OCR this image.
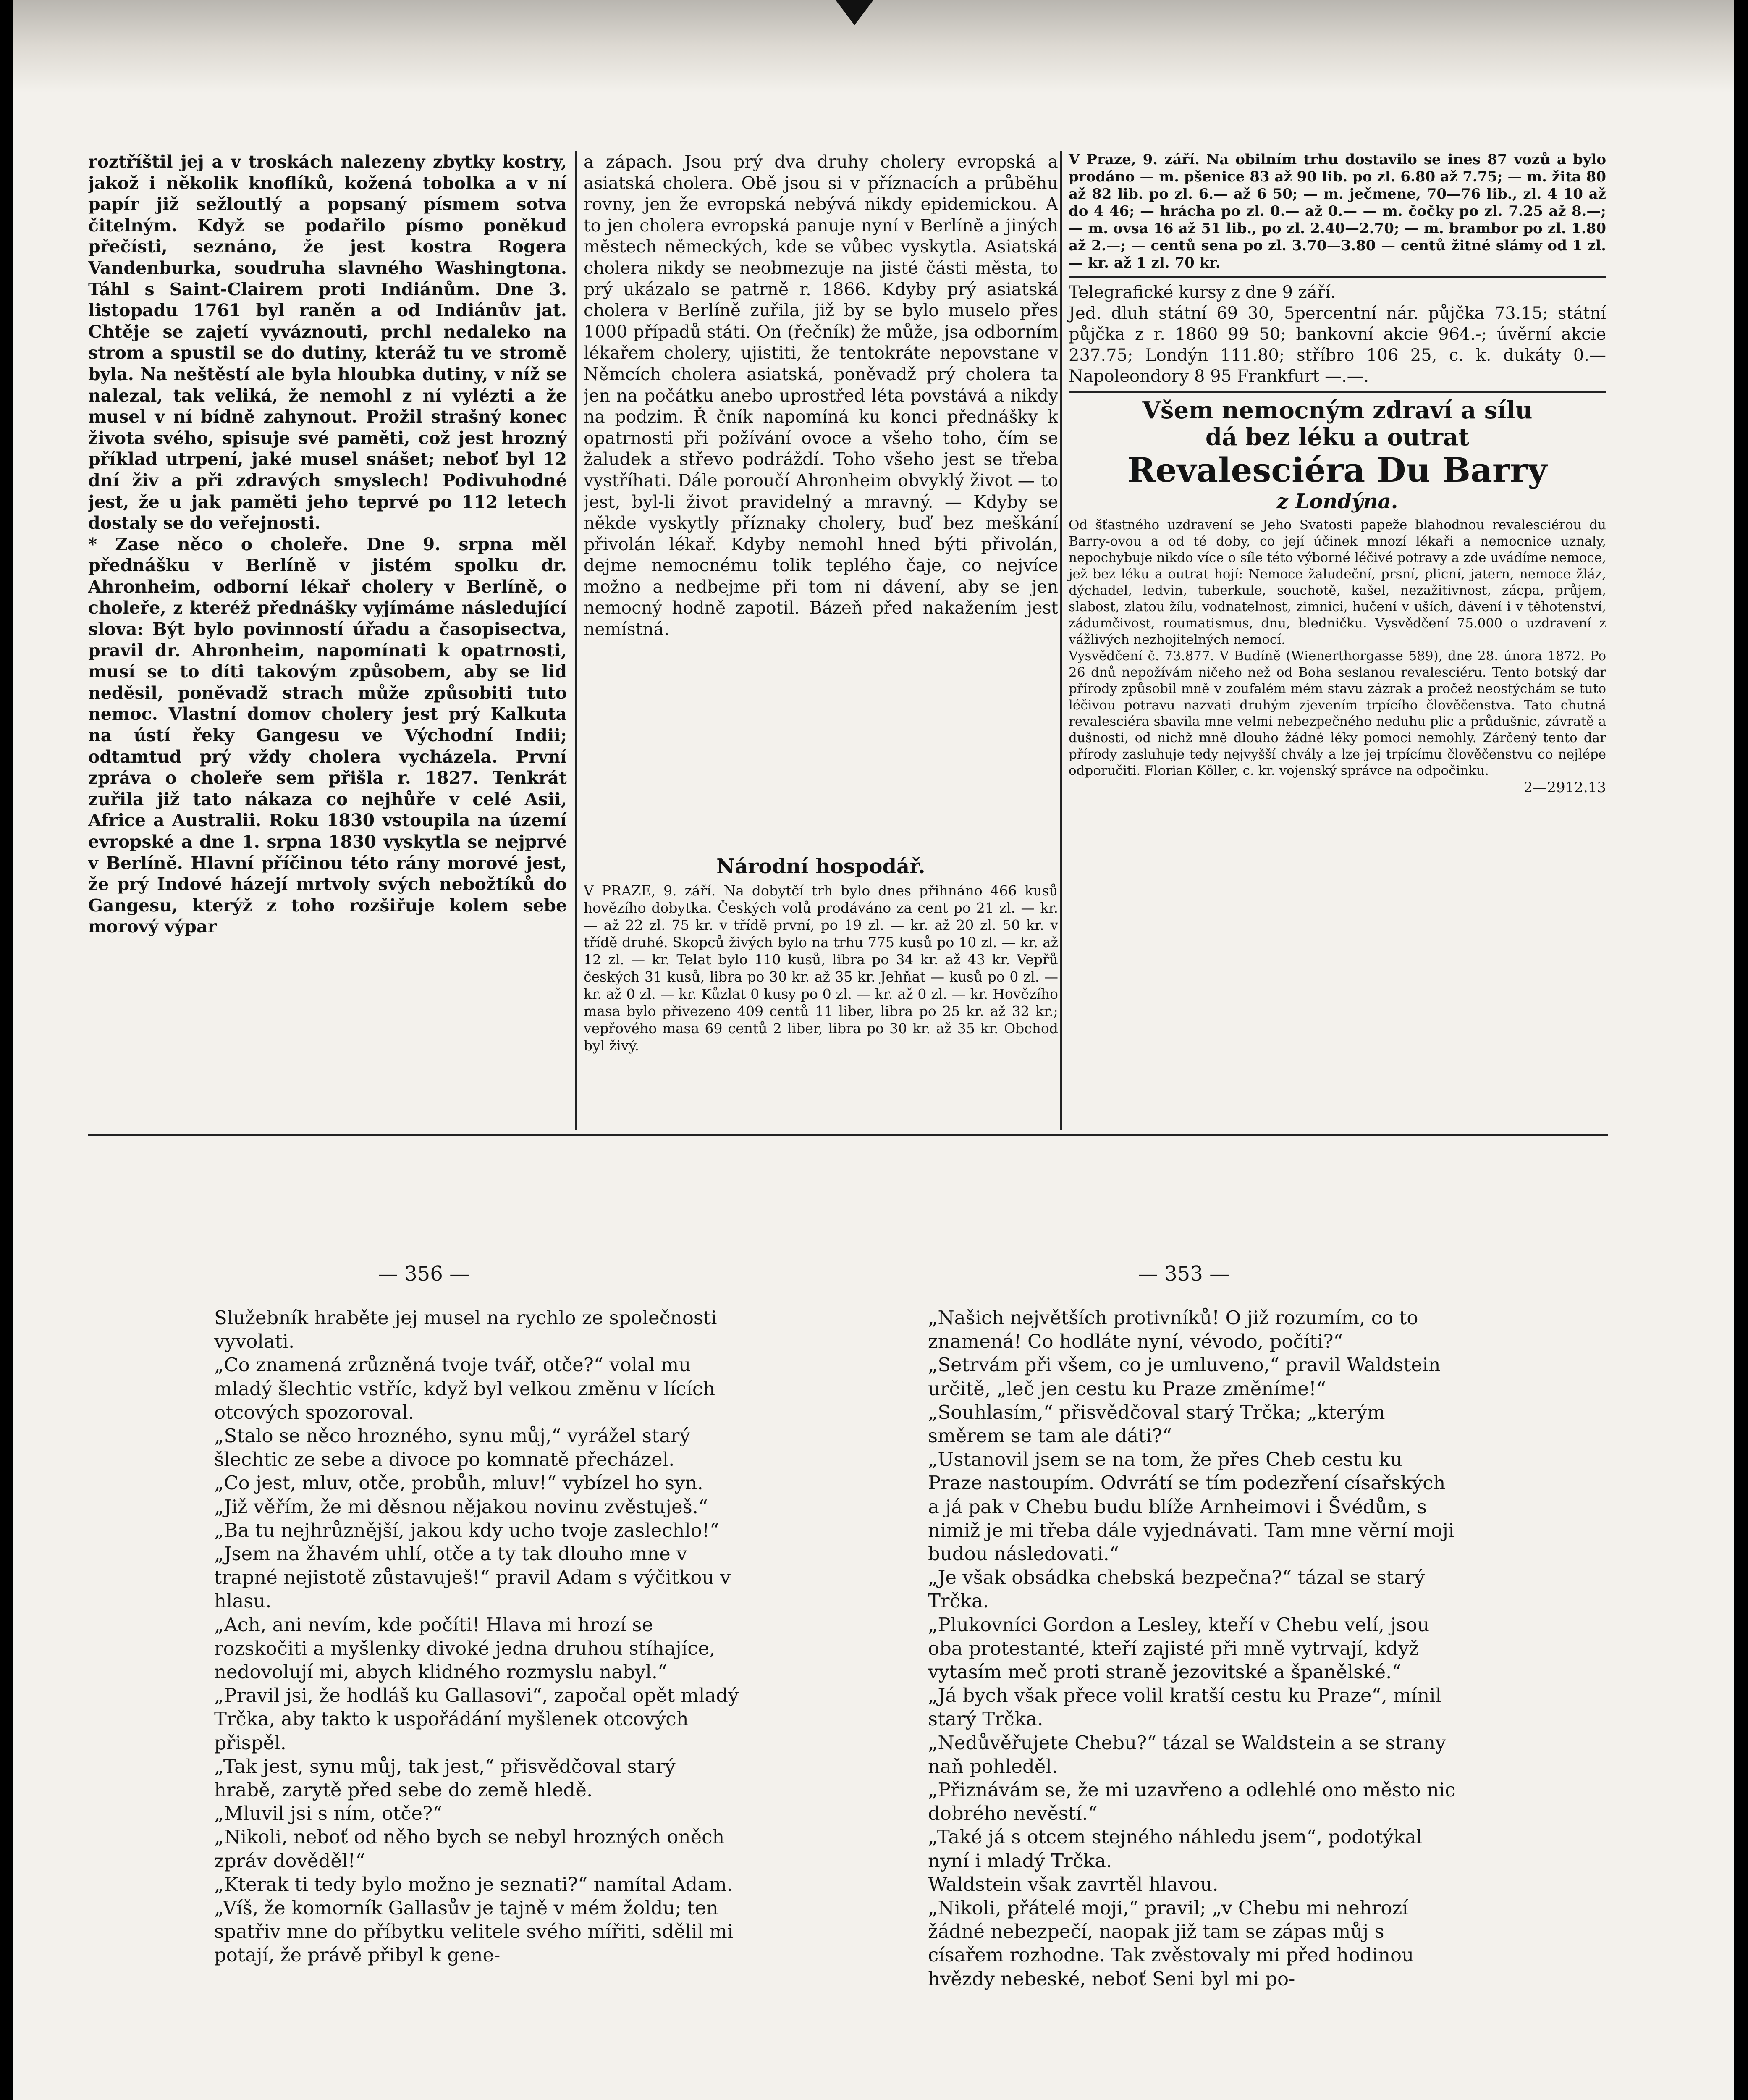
roztříštil jej a v troskách nalezeny zbytky kostry, jakož i několik knoflíků, kožená tobolka a v ní papír již sežloutlý a popsaný písmem sotva čitelným. Když se podařilo písmo poněkud přečísti, seznáno, že jest kostra Rogera Vandenburka, soudruha slavného Washingtona. Táhl s Saint-Clairem proti Indiánům. Dne 3. listopadu 1761 byl raněn a od Indiánův jat. Chtěje se zajetí vyváznouti, prchl nedaleko na strom a spustil se do dutiny, kteráž tu ve stromě byla. Na neštěstí ale byla hloubka dutiny, v níž se nalezal, tak veliká, že nemohl z ní vylézti a že musel v ní bídně zahynout. Prožil strašný konec života svého, spisuje své paměti, což jest hrozný příklad utrpení, jaké musel snášet; neboť byl 12 dní živ a při zdravých smyslech! Podivuhodné jest, že u jak paměti jeho teprvé po 112 letech dostaly se do veřejnosti.
* Zase něco o choleře. Dne 9. srpna měl přednášku v Berlíně v jistém spolku dr. Ahronheim, odborní lékař cholery v Berlíně, o choleře, z kteréž přednášky vyjímáme následující slova: Být bylo povinností úřadu a časopisectva, pravil dr. Ahronheim, napomínati k opatrnosti, musí se to díti takovým způsobem, aby se lid neděsil, poněvadž strach může způsobiti tuto nemoc. Vlastní domov cholery jest prý Kalkuta na ústí řeky Gangesu ve Východní Indii; odtamtud prý vždy cholera vycházela. První zpráva o choleře sem přišla r. 1827. Tenkrát zuřila již tato nákaza co nejhůře v celé Asii, Africe a Australii. Roku 1830 vstoupila na území evropské a dne 1. srpna 1830 vyskytla se nejprvé v Berlíně. Hlavní příčinou této rány morové jest, že prý Indové házejí mrtvoly svých nebožtíků do Gangesu, kterýž z toho rozšiřuje kolem sebe morový výpar
a zápach. Jsou prý dva druhy cholery evropská a asiatská cholera. Obě jsou si v příznacích a průběhu rovny, jen že evropská nebývá nikdy epidemickou. A to jen cholera evropská panuje nyní v Berlíně a jiných městech německých, kde se vůbec vyskytla. Asiatská cholera nikdy se neobmezuje na jisté části města, to prý ukázalo se patrně r. 1866. Kdyby prý asiatská cholera v Berlíně zuřila, již by se bylo muselo přes 1000 případů státi. On (řečník) že může, jsa odborním lékařem cholery, ujistiti, že tentokráte nepovstane v Němcích cholera asiatská, poněvadž prý cholera ta jen na počátku anebo uprostřed léta povstává a nikdy na podzim. Ř čník napomíná ku konci přednášky k opatrnosti při požívání ovoce a všeho toho, čím se žaludek a střevo podráždí. Toho všeho jest se třeba vystříhati. Dále poroučí Ahronheim obvyklý život — to jest, byl-li život pravidelný a mravný. — Kdyby se někde vyskytly příznaky cholery, buď bez meškání přivolán lékař. Kdyby nemohl hned býti přivolán, dejme nemocnému tolik teplého čaje, co nejvíce možno a nedbejme při tom ni dávení, aby se jen nemocný hodně zapotil. Bázeň před nakažením jest nemístná.
Národní hospodář.
V PRAZE, 9. září. Na dobytčí trh bylo dnes přihnáno 466 kusů hovězího dobytka. Českých volů prodáváno za cent po 21 zl. — kr. — až 22 zl. 75 kr. v třídě první, po 19 zl. — kr. až 20 zl. 50 kr. v třídě druhé. Skopců živých bylo na trhu 775 kusů po 10 zl. — kr. až 12 zl. — kr. Telat bylo 110 kusů, libra po 34 kr. až 43 kr. Vepřů českých 31 kusů, libra po 30 kr. až 35 kr. Jehňat — kusů po 0 zl. — kr. až 0 zl. — kr. Kůzlat 0 kusy po 0 zl. — kr. až 0 zl. — kr. Hovězího masa bylo přivezeno 409 centů 11 liber, libra po 25 kr. až 32 kr.; vepřového masa 69 centů 2 liber, libra po 30 kr. až 35 kr. Obchod byl živý.

V Praze, 9. září. Na obilním trhu dostavilo se ines 87 vozů a bylo prodáno — m. pšenice 83 až 90 lib. po zl. 6.80 až 7.75; — m. žita 80 až 82 lib. po zl. 6.— až 6 50; — m. ječmene, 70—76 lib., zl. 4 10 až do 4 46; — hrácha po zl. 0.— až 0.— — m. čočky po zl. 7.25 až 8.—; — m. ovsa 16 až 51 lib., po zl. 2.40—2.70; — m. brambor po zl. 1.80 až 2.—; — centů sena po zl. 3.70—3.80 — centů žitné slámy od 1 zl. — kr. až 1 zl. 70 kr.

Telegrafické kursy z dne 9 září.
Jed. dluh státní 69 30, 5percentní nár. půjčka 73.15; státní půjčka z r. 1860 99 50; bankovní akcie 964.-; úvěrní akcie 237.75; Londýn 111.80; stříbro 106 25, c. k. dukáty 0.— Napoleondory 8 95 Frankfurt —.—.

Všem nemocným zdraví a sílu
dá bez léku a outrat
Revalesciéra Du Barry
z Londýna.

Od šťastného uzdravení se Jeho Svatosti papeže blahodnou revalesciérou du Barry-ovou a od té doby, co její účinek mnozí lékaři a nemocnice uznaly, nepochybuje nikdo více o síle této výborné léčivé potravy a zde uvádíme nemoce, jež bez léku a outrat hojí: Nemoce žaludeční, prsní, plicní, jatern, nemoce žláz, dýchadel, ledvin, tuberkule, souchotě, kašel, nezažitivnost, zácpa, průjem, slabost, zlatou žílu, vodnatelnost, zimnici, hučení v uších, dávení i v těhotenství, zádumčivost, roumatismus, dnu, bledničku. Vysvědčení 75.000 o uzdravení z vážlivých nezhojitelných nemocí.
Vysvědčení č. 73.877. V Budíně (Wienerthorgasse 589), dne 28. února 1872. Po 26 dnů nepožívám ničeho než od Boha seslanou revalesciéru. Tento botský dar přírody způsobil mně v zoufalém mém stavu zázrak a pročež neostýchám se tuto léčivou potravu nazvati druhým zjevením trpícího člověčenstva. Tato chutná revalesciéra sbavila mne velmi nebezpečného neduhu plic a průdušnic, závratě a dušnosti, od nichž mně dlouho žádné léky pomoci nemohly. Zárčený tento dar přírody zasluhuje tedy nejvyšší chvály a lze jej trpícímu člověčenstvu co nejlépe odporučiti. Florian Köller, c. kr. vojenský správce na odpočinku.

2—2912.13
— 356 —	— 353 —
Služebník hraběte jej musel na rychlo ze společnosti vyvolati.
„Co znamená zrůzněná tvoje tvář, otče?“ volal mu mladý šlechtic vstříc, když byl velkou změnu v lících otcových spozoroval.
„Stalo se něco hrozného, synu můj,“ vyrážel starý šlechtic ze sebe a divoce po komnatě přecházel.
„Co jest, mluv, otče, probůh, mluv!“ vybízel ho syn. „Již věřím, že mi děsnou nějakou novinu zvěstuješ.“
„Ba tu nejhrůznější, jakou kdy ucho tvoje zaslechlo!“
„Jsem na žhavém uhlí, otče a ty tak dlouho mne v trapné nejistotě zůstavuješ!“ pravil Adam s výčitkou v hlasu.
„Ach, ani nevím, kde počíti! Hlava mi hrozí se rozskočiti a myšlenky divoké jedna druhou stíhajíce, nedovolují mi, abych klidného rozmyslu nabyl.“
„Pravil jsi, že hodláš ku Gallasovi“, započal opět mladý Trčka, aby takto k uspořádání myšlenek otcových přispěl.
„Tak jest, synu můj, tak jest,“ přisvědčoval starý hrabě, zarytě před sebe do země hledě.
„Mluvil jsi s ním, otče?“
„Nikoli, neboť od něho bych se nebyl hrozných oněch zpráv dověděl!“
„Kterak ti tedy bylo možno je seznati?“ namítal Adam.
„Víš, že komorník Gallasův je tajně v mém žoldu; ten spatřiv mne do příbytku velitele svého mířiti, sdělil mi potají, že právě přibyl k gene-
„Našich největších protivníků! O již rozumím, co to znamená! Co hodláte nyní, vévodo, počíti?“
„Setrvám při všem, co je umluveno,“ pravil Waldstein určitě, „leč jen cestu ku Praze změníme!“
„Souhlasím,“ přisvědčoval starý Trčka; „kterým směrem se tam ale dáti?“
„Ustanovil jsem se na tom, že přes Cheb cestu ku Praze nastoupím. Odvrátí se tím podezření císařských a já pak v Chebu budu blíže Arnheimovi i Švédům, s nimiž je mi třeba dále vyjednávati. Tam mne věrní moji budou následovati.“
„Je však obsádka chebská bezpečna?“ tázal se starý Trčka.
„Plukovníci Gordon a Lesley, kteří v Chebu velí, jsou oba protestanté, kteří zajisté při mně vytrvají, když vytasím meč proti straně jezovitské a španělské.“
„Já bych však přece volil kratší cestu ku Praze“, mínil starý Trčka.
„Nedůvěřujete Chebu?“ tázal se Waldstein a se strany naň pohleděl.
„Přiznávám se, že mi uzavřeno a odlehlé ono město nic dobrého nevěstí.“
„Také já s otcem stejného náhledu jsem“, podotýkal nyní i mladý Trčka.
Waldstein však zavrtěl hlavou.
„Nikoli, přátelé moji,“ pravil; „v Chebu mi nehrozí žádné nebezpečí, naopak již tam se zápas můj s císařem rozhodne. Tak zvěstovaly mi před hodinou hvězdy nebeské, neboť Seni byl mi po-
